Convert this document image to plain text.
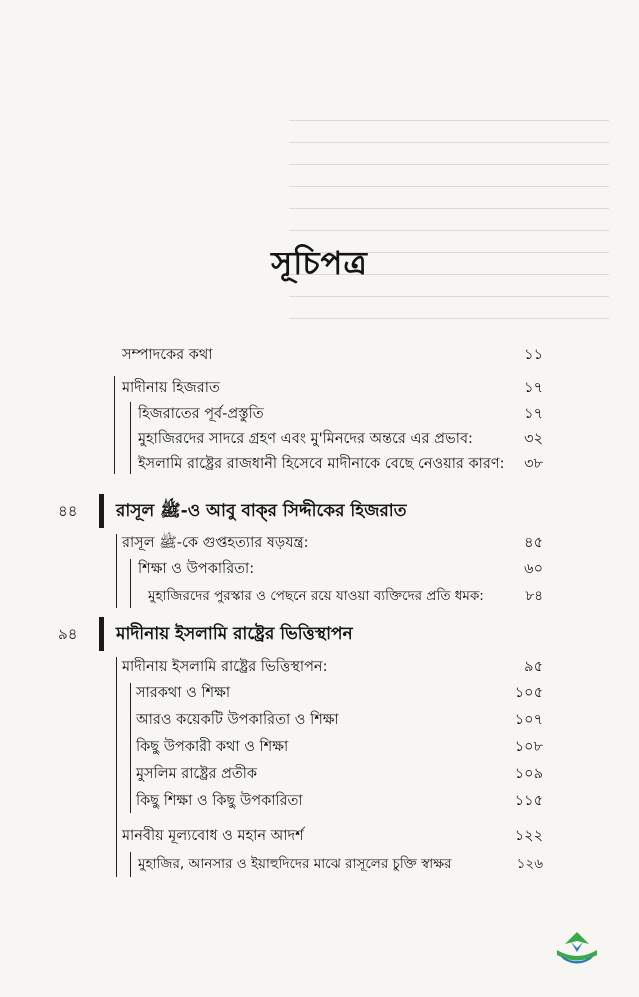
সূচিপত্র
সম্পাদকের কথা	১১
মাদীনায় হিজরাত	১৭
হিজরাতের পূর্ব-প্রস্তুতি	১৭
মুহাজিরদের সাদরে গ্রহণ এবং মু'মিনদের অন্তরে এর প্রভাব:	৩২
ইসলামি রাষ্ট্রের রাজধানী হিসেবে মাদীনাকে বেছে নেওয়ার কারণ: ৩৮
৪৪ রাসূল ﷺ-ও আবু বাক্‌র সিদ্দীকের হিজরাত
রাসূল ﷺ-কে গুপ্তহত্যার ষড়যন্ত্র:	৪৫
শিক্ষা ও উপকারিতা:	৬০
মুহাজিরদের পুরস্কার ও পেছনে রয়ে যাওয়া ব্যক্তিদের প্রতি ধমক:	৮৪
৯৪ মাদীনায় ইসলামি রাষ্ট্রের ভিত্তিস্থাপন
মাদীনায় ইসলামি রাষ্ট্রের ভিত্তিস্থাপন:	৯৫
সারকথা ও শিক্ষা	১০৫
আরও কয়েকটি উপকারিতা ও শিক্ষা	১০৭
কিছু উপকারী কথা ও শিক্ষা	১০৮
মুসলিম রাষ্ট্রের প্রতীক	১০৯
কিছু শিক্ষা ও কিছু উপকারিতা	১১৫
মানবীয় মূল্যবোধ ও মহান আদর্শ	১২২
মুহাজির, আনসার ও ইয়াহুদিদের মাঝে রাসূলের চুক্তি স্বাক্ষর	১২৬
